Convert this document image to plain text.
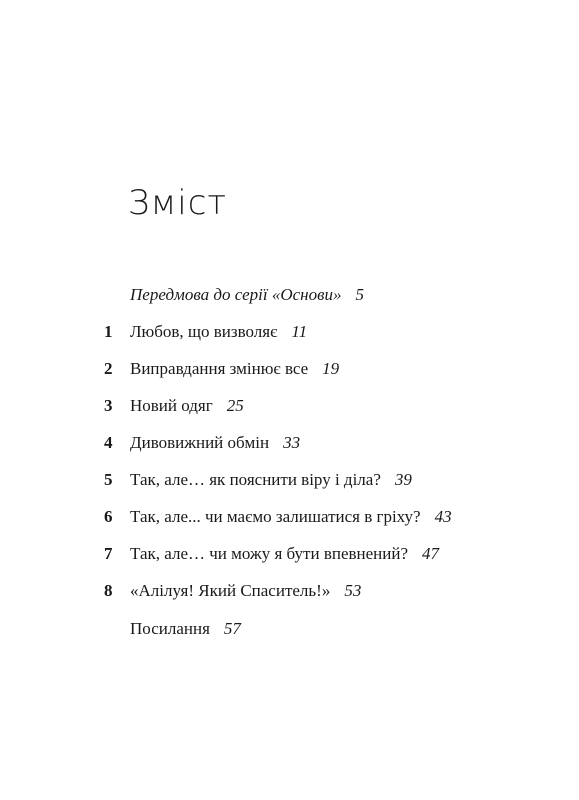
Зміст
Передмова до серії «Основи» 5
1	Любов, що визволяє 11
2	Виправдання змінює все 19
3	Новий одяг 25
4	Дивовижний обмін 33
5	Так, але… як пояснити віру і діла? 39
6	Так, але... чи маємо залишатися в гріху? 43
7	Так, але… чи можу я бути впевнений? 47
8	«Алілуя! Який Спаситель!» 53
Посилання 57
